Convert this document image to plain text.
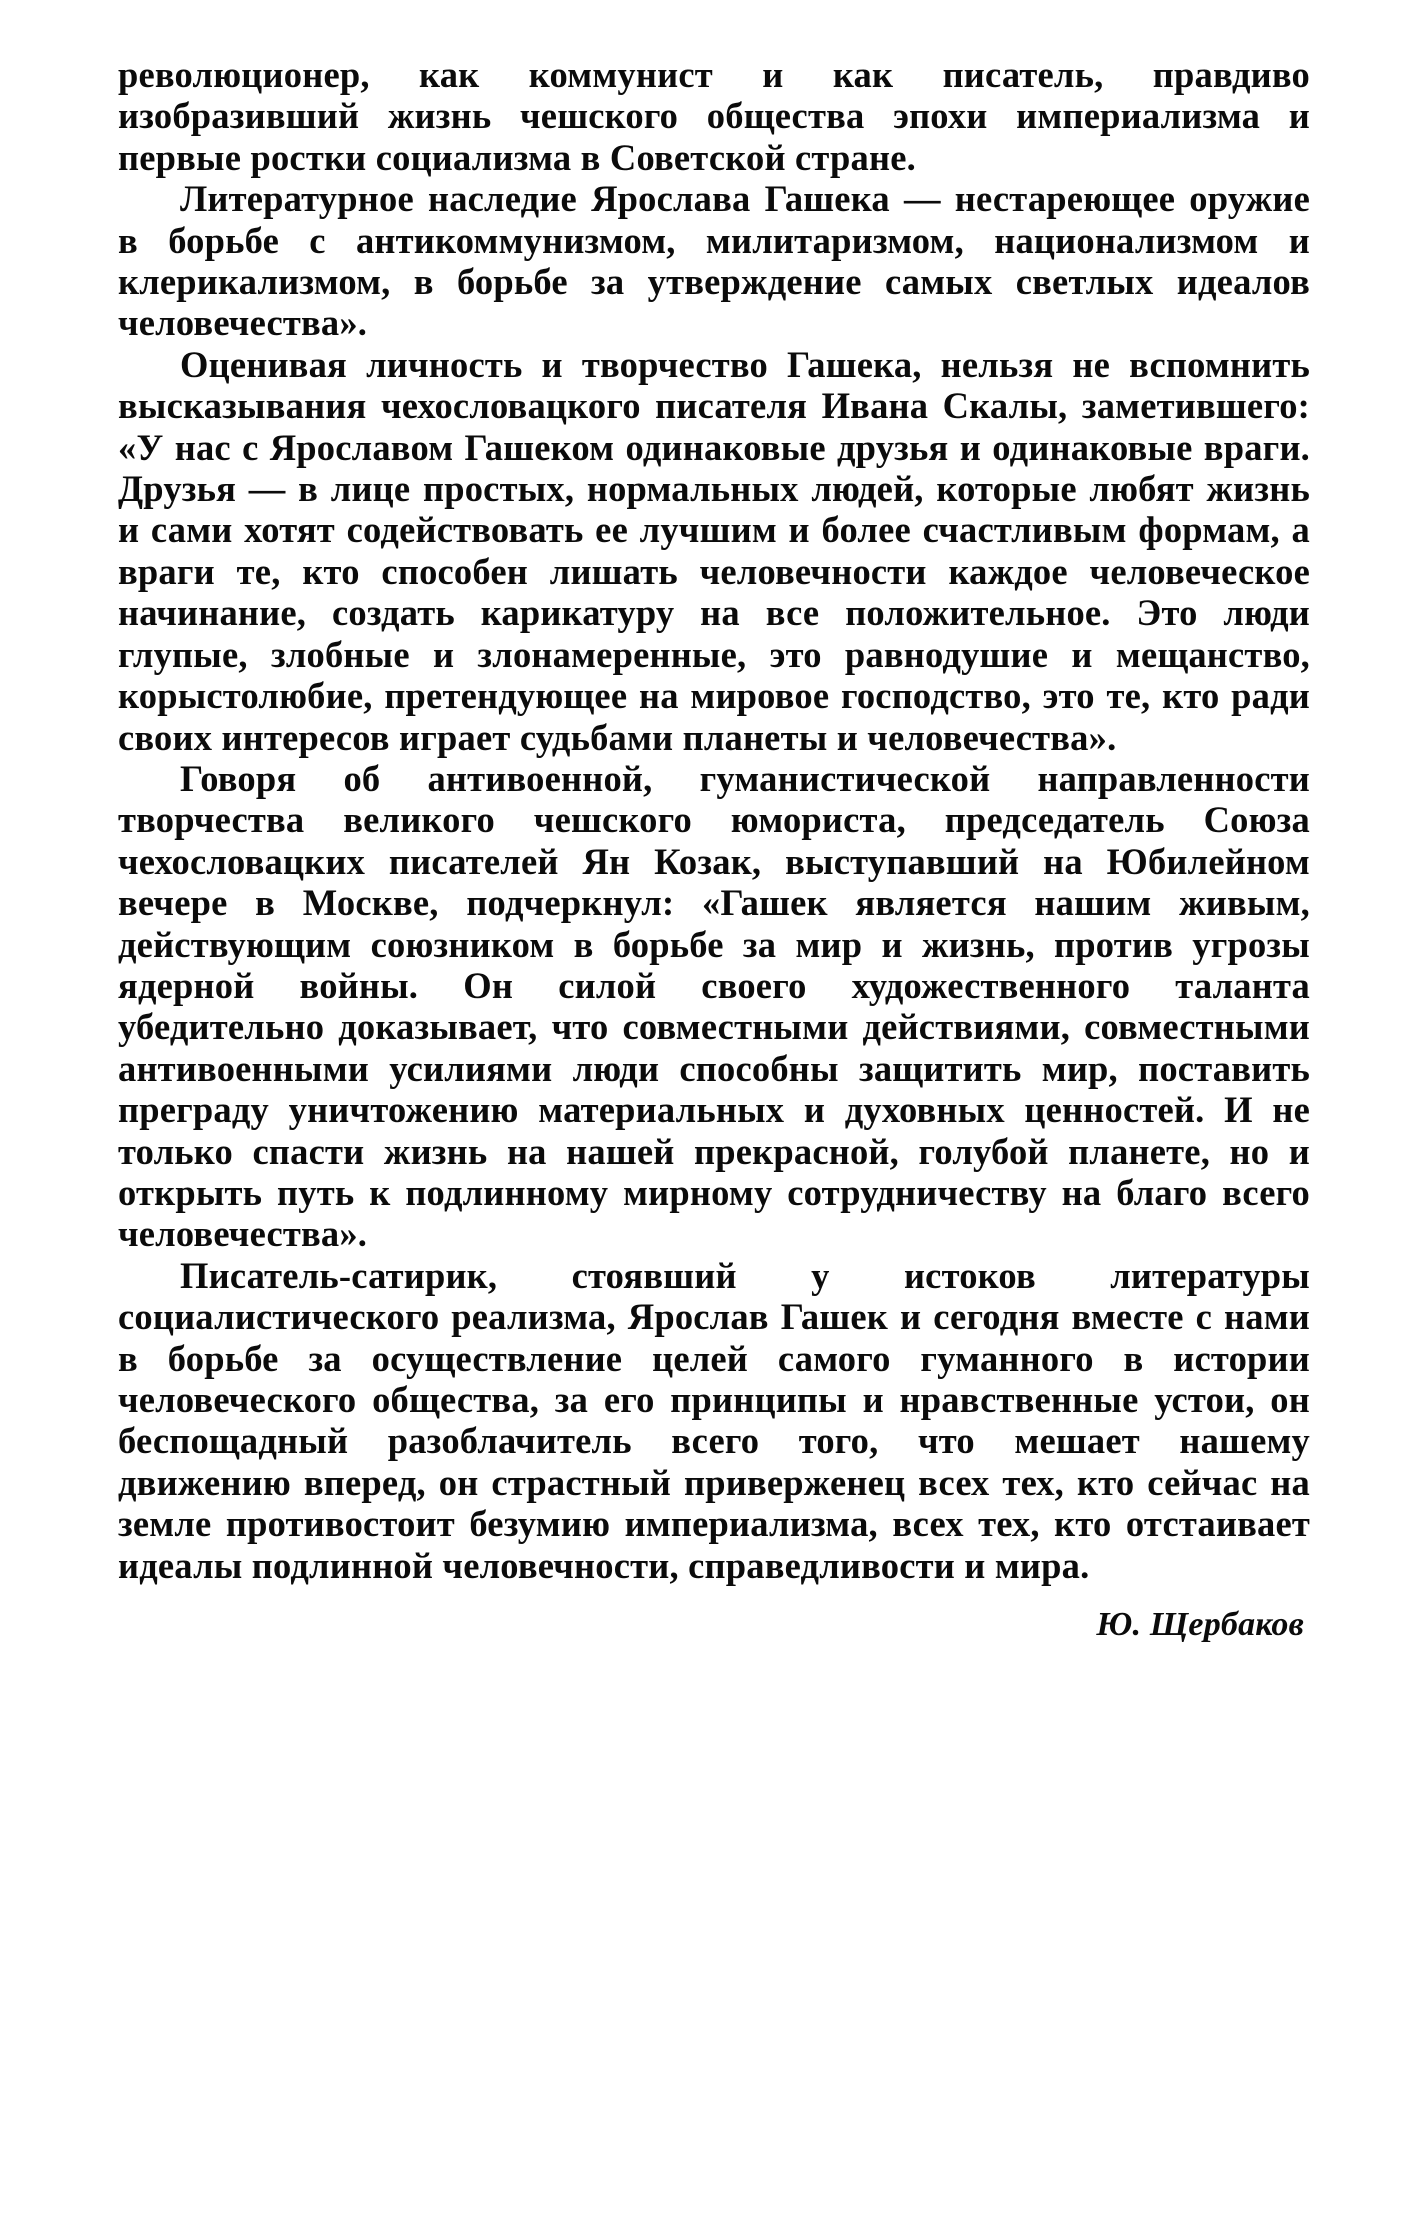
революционер, как коммунист и как писатель, правдиво изобразивший жизнь чешского общества эпохи империализма и первые ростки социализма в Советской стране.

Литературное наследие Ярослава Гашека — нестареющее оружие в борьбе с антикоммунизмом, милитаризмом, национализмом и клерикализмом, в борьбе за утверждение самых светлых идеалов человечества».

Оценивая личность и творчество Гашека, нельзя не вспомнить высказывания чехословацкого писателя Ивана Скалы, заметившего: «У нас с Ярославом Гашеком одинаковые друзья и одинаковые враги. Друзья — в лице простых, нормальных людей, которые любят жизнь и сами хотят содействовать ее лучшим и более счастливым формам, а враги те, кто способен лишать человечности каждое человеческое начинание, создать карикатуру на все положительное. Это люди глупые, злобные и злонамеренные, это равнодушие и мещанство, корыстолюбие, претендующее на мировое господство, это те, кто ради своих интересов играет судьбами планеты и человечества».

Говоря об антивоенной, гуманистической направленности творчества великого чешского юмориста, председатель Союза чехословацких писателей Ян Козак, выступавший на Юбилейном вечере в Москве, подчеркнул: «Гашек является нашим живым, действующим союзником в борьбе за мир и жизнь, против угрозы ядерной войны. Он силой своего художественного таланта убедительно доказывает, что совместными действиями, совместными антивоенными усилиями люди способны защитить мир, поставить преграду уничтожению материальных и духовных ценностей. И не только спасти жизнь на нашей прекрасной, голубой планете, но и открыть путь к подлинному мирному сотрудничеству на благо всего человечества».

Писатель-сатирик, стоявший у истоков литературы социалистического реализма, Ярослав Гашек и сегодня вместе с нами в борьбе за осуществление целей самого гуманного в истории человеческого общества, за его принципы и нравственные устои, он беспощадный разоблачитель всего того, что мешает нашему движению вперед, он страстный приверженец всех тех, кто сейчас на земле противостоит безумию империализма, всех тех, кто отстаивает идеалы подлинной человечности, справедливости и мира.

Ю. Щербаков
